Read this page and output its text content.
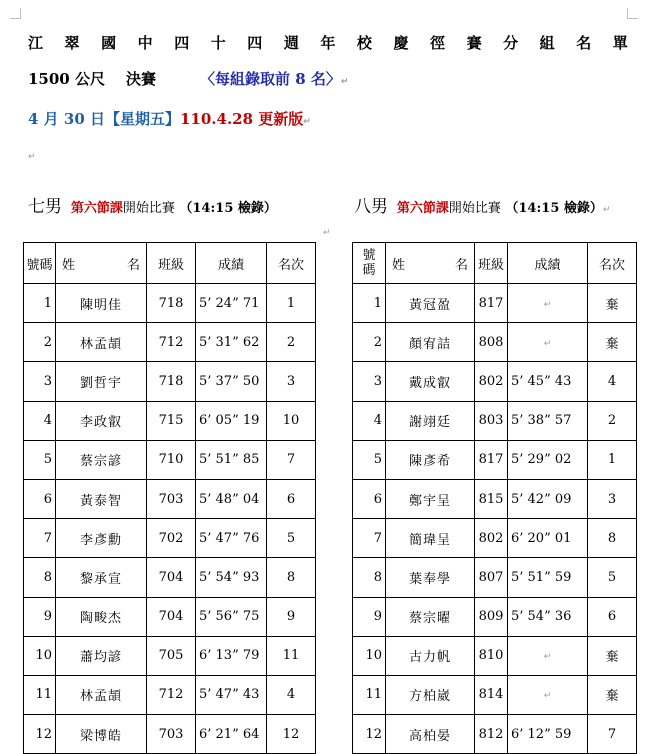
江 翠 國 中 四 十 四 週 年 校 慶 徑 賽 分 組 名 單
1500 公尺 決賽	〈每組錄取前 8 名〉↵
4 月 30 日【星期五】110.4.28 更新版↵
↵
七男 第六節課開始比賽 （14:15 檢錄）	八男 第六節課開始比賽 （14:15 檢錄）↵
↵
號碼	姓 名	班級	成績	名次
1	陳明佳	718	5’ 24” 71	1
2	林孟頡	712	5’ 31” 62	2
3	劉哲宇	718	5’ 37” 50	3
4	李政叡	715	6’ 05” 19	10
5	蔡宗諺	710	5’ 51” 85	7
6	黃泰智	703	5’ 48” 04	6
7	李彥勳	702	5’ 47” 76	5
8	黎承宣	704	5’ 54” 93	8
9	陶畯杰	704	5’ 56” 75	9
10	蕭均諺	705	6’ 13” 79	11
11	林孟頡	712	5’ 47” 43	4
12	梁博皓	703	6’ 21” 64	12
號
碼	姓 名	班級	成績	名次
1	黃冠盈	817	↵	棄
2	顏宥詰	808	↵	棄
3	戴成叡	802	5’ 45” 43	4
4	謝翊廷	803	5’ 38” 57	2
5	陳彥希	817	5’ 29” 02	1
6	鄭宇呈	815	5’ 42” 09	3
7	簡瑋呈	802	6’ 20” 01	8
8	葉奉學	807	5’ 51” 59	5
9	蔡宗曜	809	5’ 54” 36	6
10	古力帆	810	↵	棄
11	方柏崴	814	↵	棄
12	高柏晏	812	6’ 12” 59	7
